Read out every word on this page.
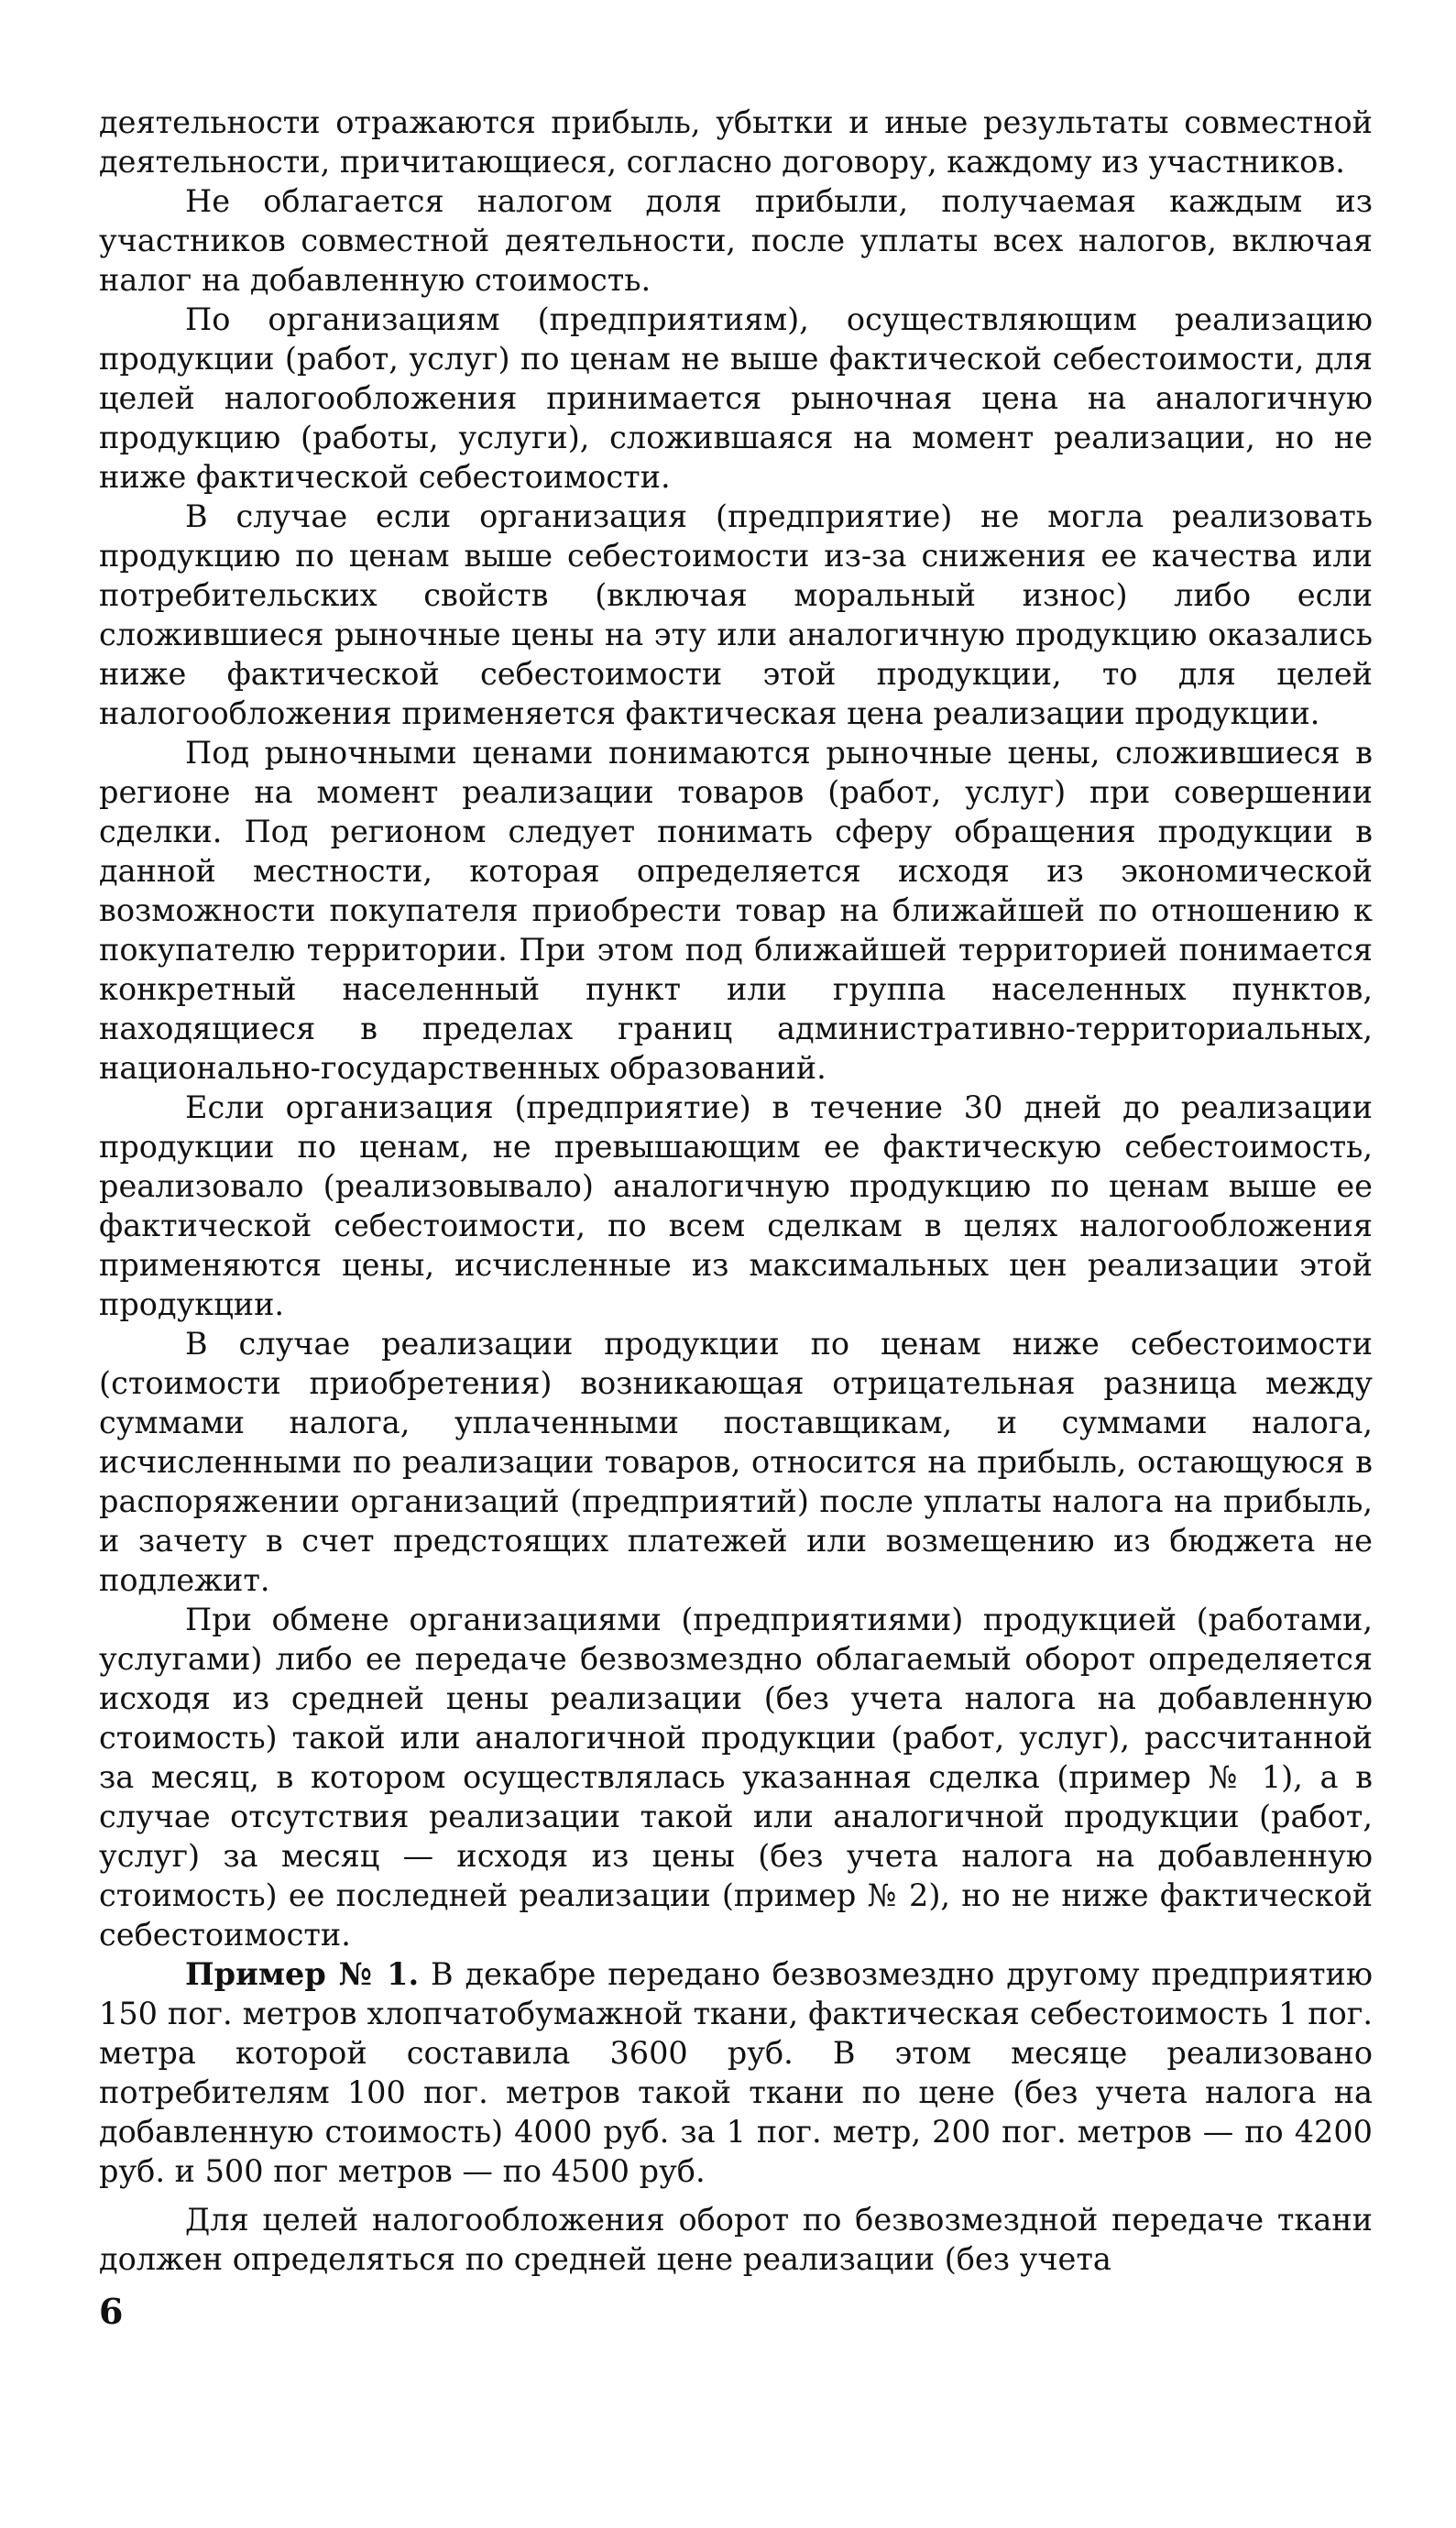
деятельности отражаются прибыль, убытки и иные результаты совместной деятельности, причитающиеся, согласно договору, каждому из участников.

Не облагается налогом доля прибыли, получаемая каждым из участников совместной деятельности, после уплаты всех налогов, включая налог на добавленную стоимость.

По организациям (предприятиям), осуществляющим реализацию продукции (работ, услуг) по ценам не выше фактической себестоимости, для целей налогообложения принимается рыночная цена на аналогичную продукцию (работы, услуги), сложившаяся на момент реализации, но не ниже фактической себестоимости.

В случае если организация (предприятие) не могла реализовать продукцию по ценам выше себестоимости из-за снижения ее качества или потребительских свойств (включая моральный износ) либо если сложившиеся рыночные цены на эту или аналогичную продукцию оказались ниже фактической себестоимости этой продукции, то для целей налогообложения применяется фактическая цена реализации продукции.

Под рыночными ценами понимаются рыночные цены, сложившиеся в регионе на момент реализации товаров (работ, услуг) при совершении сделки. Под регионом следует понимать сферу обращения продукции в данной местности, которая определяется исходя из экономической возможности покупателя приобрести товар на ближайшей по отношению к покупателю территории. При этом под ближайшей территорией понимается конкретный населенный пункт или группа населенных пунктов, находящиеся в пределах границ административно-территориальных, национально-государственных образований.

Если организация (предприятие) в течение 30 дней до реализации продукции по ценам, не превышающим ее фактическую себестоимость, реализовало (реализовывало) аналогичную продукцию по ценам выше ее фактической себестоимости, по всем сделкам в целях налогообложения применяются цены, исчисленные из максимальных цен реализации этой продукции.

В случае реализации продукции по ценам ниже себестоимости (стоимости приобретения) возникающая отрицательная разница между суммами налога, уплаченными поставщикам, и суммами налога, исчисленными по реализации товаров, относится на прибыль, остающуюся в распоряжении организаций (предприятий) после уплаты налога на прибыль, и зачету в счет предстоящих платежей или возмещению из бюджета не подлежит.

При обмене организациями (предприятиями) продукцией (работами, услугами) либо ее передаче безвозмездно облагаемый оборот определяется исходя из средней цены реализации (без учета налога на добавленную стоимость) такой или аналогичной продукции (работ, услуг), рассчитанной за месяц, в котором осуществлялась указанная сделка (пример № 1), а в случае отсутствия реализации такой или аналогичной продукции (работ, услуг) за месяц — исходя из цены (без учета налога на добавленную стоимость) ее последней реализации (пример № 2), но не ниже фактической себестоимости.

Пример № 1. В декабре передано безвозмездно другому предприятию 150 пог. метров хлопчатобумажной ткани, фактическая себестоимость 1 пог. метра которой составила 3600 руб. В этом месяце реализовано потребителям 100 пог. метров такой ткани по цене (без учета налога на добавленную стоимость) 4000 руб. за 1 пог. метр, 200 пог. метров — по 4200 руб. и 500 пог метров — по 4500 руб.

Для целей налогообложения оборот по безвозмездной передаче ткани должен определяться по средней цене реализации (без учета

6
